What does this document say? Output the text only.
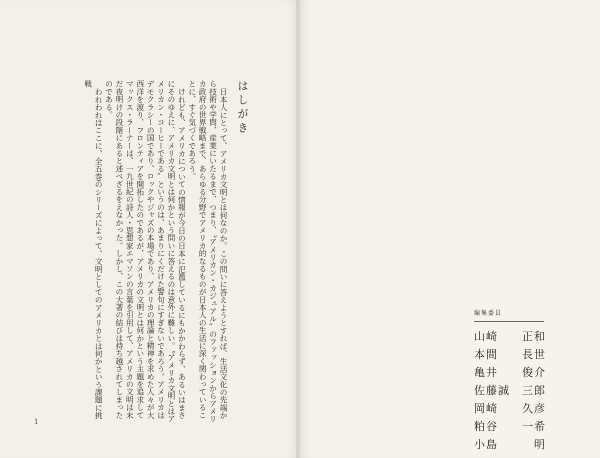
はしがき

日本人にとって、アメリカ文明とは何なのか。この問いに答えようとすれば、生活文化の先端から技術や学問、産業にいたるまで、つまり、〝アメリカン・カジュアル〟のファッションからアメリカ政府の世界戦略まで、あらゆる分野でアメリカ的なるものが日本人の生活に深く関わっていることに、すぐ気づくであろう。

けれども、アメリカについての情報が今日の日本に氾濫しているにもかかわらず、あるいはまさにそのゆえに、アメリカ文明とは何かという問いに答えるのは意外に難しい。〝アメリカ文明とはアメリカン・コーヒーである〟というのは、あまりにくだけた警句にすぎないであろう。アメリカはデモクラシーの国であり、ロックやジャズの本場であり、アメリカの理論と精神を求めた人々が大西洋を渡り、フロンティアを開拓したのであるが、アメリカの文明とは何かという主題を追求してマックス・ラーナーは、一九世紀の詩人・思想家エマソンの言葉を引用して、アメリカの文明は未だ夜明けの段階にあると述べざるをえなかった。しかし、この大著の結びは持ち越されてしまったのである。

われわれはここに、全五巻のシリーズによって、文明としてのアメリカとは何かという課題に挑戦

1
編集委員
山崎 正和
本間 長世
亀井 俊介
佐藤誠 三郎
岡崎 久彦
粕谷 一希
小島	明
